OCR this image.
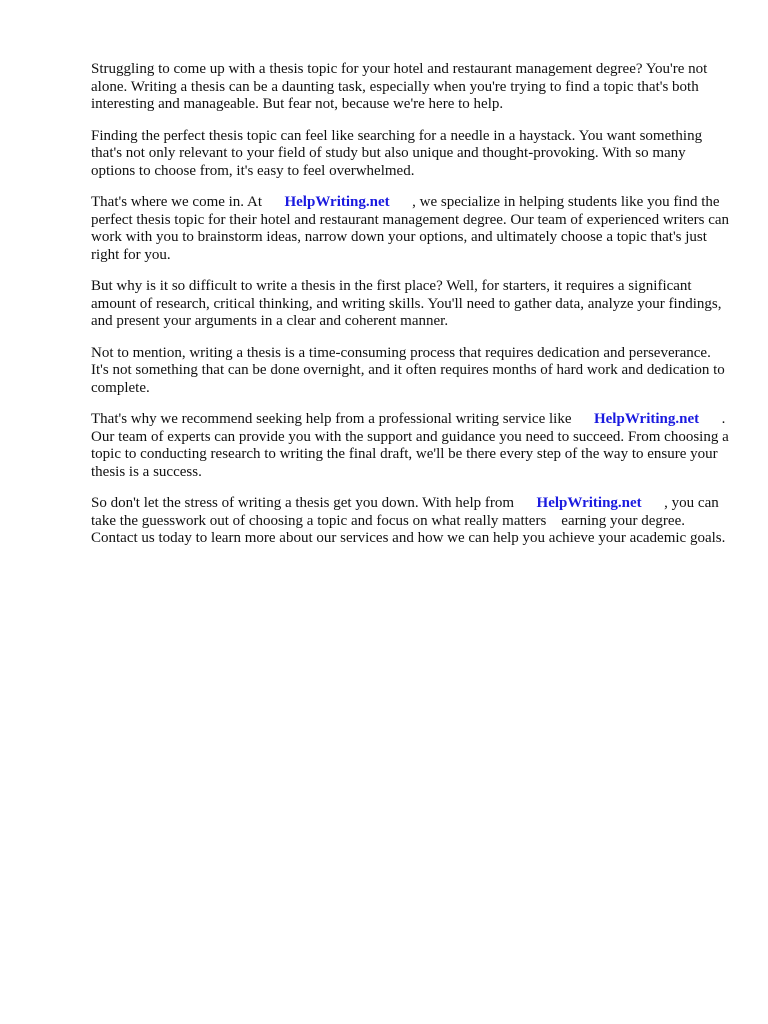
Struggling to come up with a thesis topic for your hotel and restaurant management degree? You're not alone. Writing a thesis can be a daunting task, especially when you're trying to find a topic that's both interesting and manageable. But fear not, because we're here to help.

Finding the perfect thesis topic can feel like searching for a needle in a haystack. You want something that's not only relevant to your field of study but also unique and thought-provoking. With so many options to choose from, it's easy to feel overwhelmed.

That's where we come in. At      HelpWriting.net      , we specialize in helping students like you find the perfect thesis topic for their hotel and restaurant management degree. Our team of experienced writers can work with you to brainstorm ideas, narrow down your options, and ultimately choose a topic that's just right for you.

But why is it so difficult to write a thesis in the first place? Well, for starters, it requires a significant amount of research, critical thinking, and writing skills. You'll need to gather data, analyze your findings, and present your arguments in a clear and coherent manner.

Not to mention, writing a thesis is a time-consuming process that requires dedication and perseverance. It's not something that can be done overnight, and it often requires months of hard work and dedication to complete.

That's why we recommend seeking help from a professional writing service like      HelpWriting.net      . Our team of experts can provide you with the support and guidance you need to succeed. From choosing a topic to conducting research to writing the final draft, we'll be there every step of the way to ensure your thesis is a success.

So don't let the stress of writing a thesis get you down. With help from      HelpWriting.net      , you can take the guesswork out of choosing a topic and focus on what really matters    earning your degree. Contact us today to learn more about our services and how we can help you achieve your academic goals.
